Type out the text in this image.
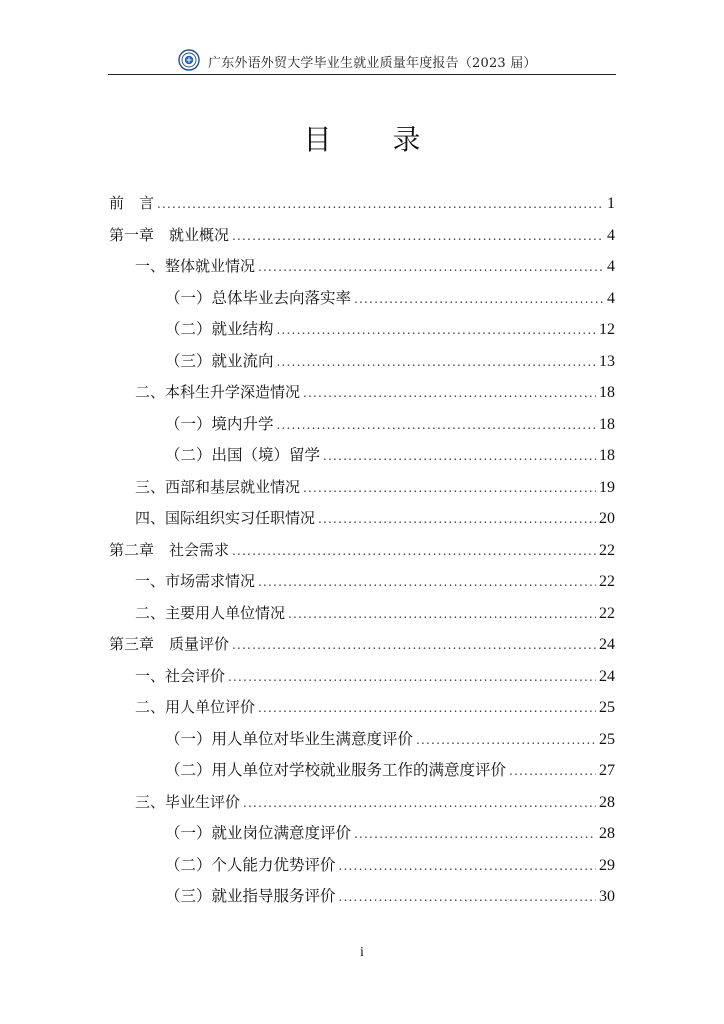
广东外语外贸大学毕业生就业质量年度报告（2023 届）
目 录
前　言 .....	1
第一章　就业概况 .....	4
一、整体就业情况 .....	4
（一）总体毕业去向落实率 .....	4
（二）就业结构 .....	12
（三）就业流向 .....	13
二、本科生升学深造情况 .....	18
（一）境内升学 .....	18
（二）出国（境）留学 .....	18
三、西部和基层就业情况 .....	19
四、国际组织实习任职情况 .....	20
第二章　社会需求 .....	22
一、市场需求情况 .....	22
二、主要用人单位情况 .....	22
第三章　质量评价 .....	24
一、社会评价 .....	24
二、用人单位评价 .....	25
（一）用人单位对毕业生满意度评价 .....	25
（二）用人单位对学校就业服务工作的满意度评价 .....	27
三、毕业生评价 .....	28
（一）就业岗位满意度评价 .....	28
（二）个人能力优势评价 .....	29
（三）就业指导服务评价 .....	30
i
